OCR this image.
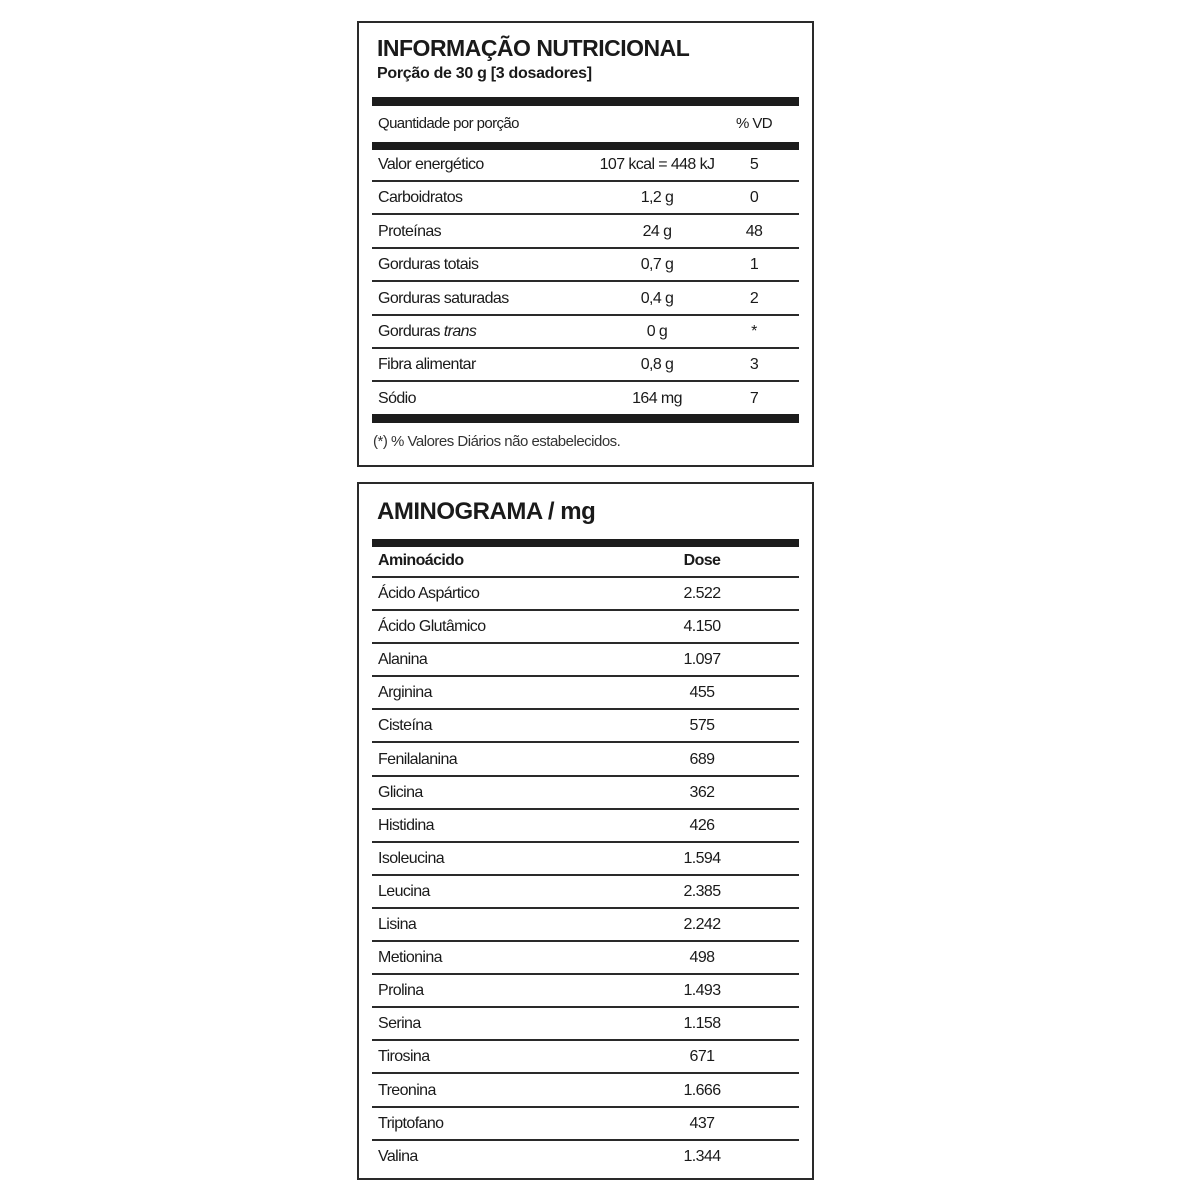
INFORMAÇÃO NUTRICIONAL
Porção de 30 g [3 dosadores]
Quantidade por porção	% VD
Valor energético	107 kcal = 448 kJ	5
Carboidratos	1,2 g	0
Proteínas	24 g	48
Gorduras totais	0,7 g	1
Gorduras saturadas	0,4 g	2
Gorduras trans	0 g	*
Fibra alimentar	0,8 g	3
Sódio	164 mg	7
(*) % Valores Diários não estabelecidos.
AMINOGRAMA / mg
Aminoácido	Dose
Ácido Aspártico	2.522
Ácido Glutâmico	4.150
Alanina	1.097
Arginina	455
Cisteína	575
Fenilalanina	689
Glicina	362
Histidina	426
Isoleucina	1.594
Leucina	2.385
Lisina	2.242
Metionina	498
Prolina	1.493
Serina	1.158
Tirosina	671
Treonina	1.666
Triptofano	437
Valina	1.344
